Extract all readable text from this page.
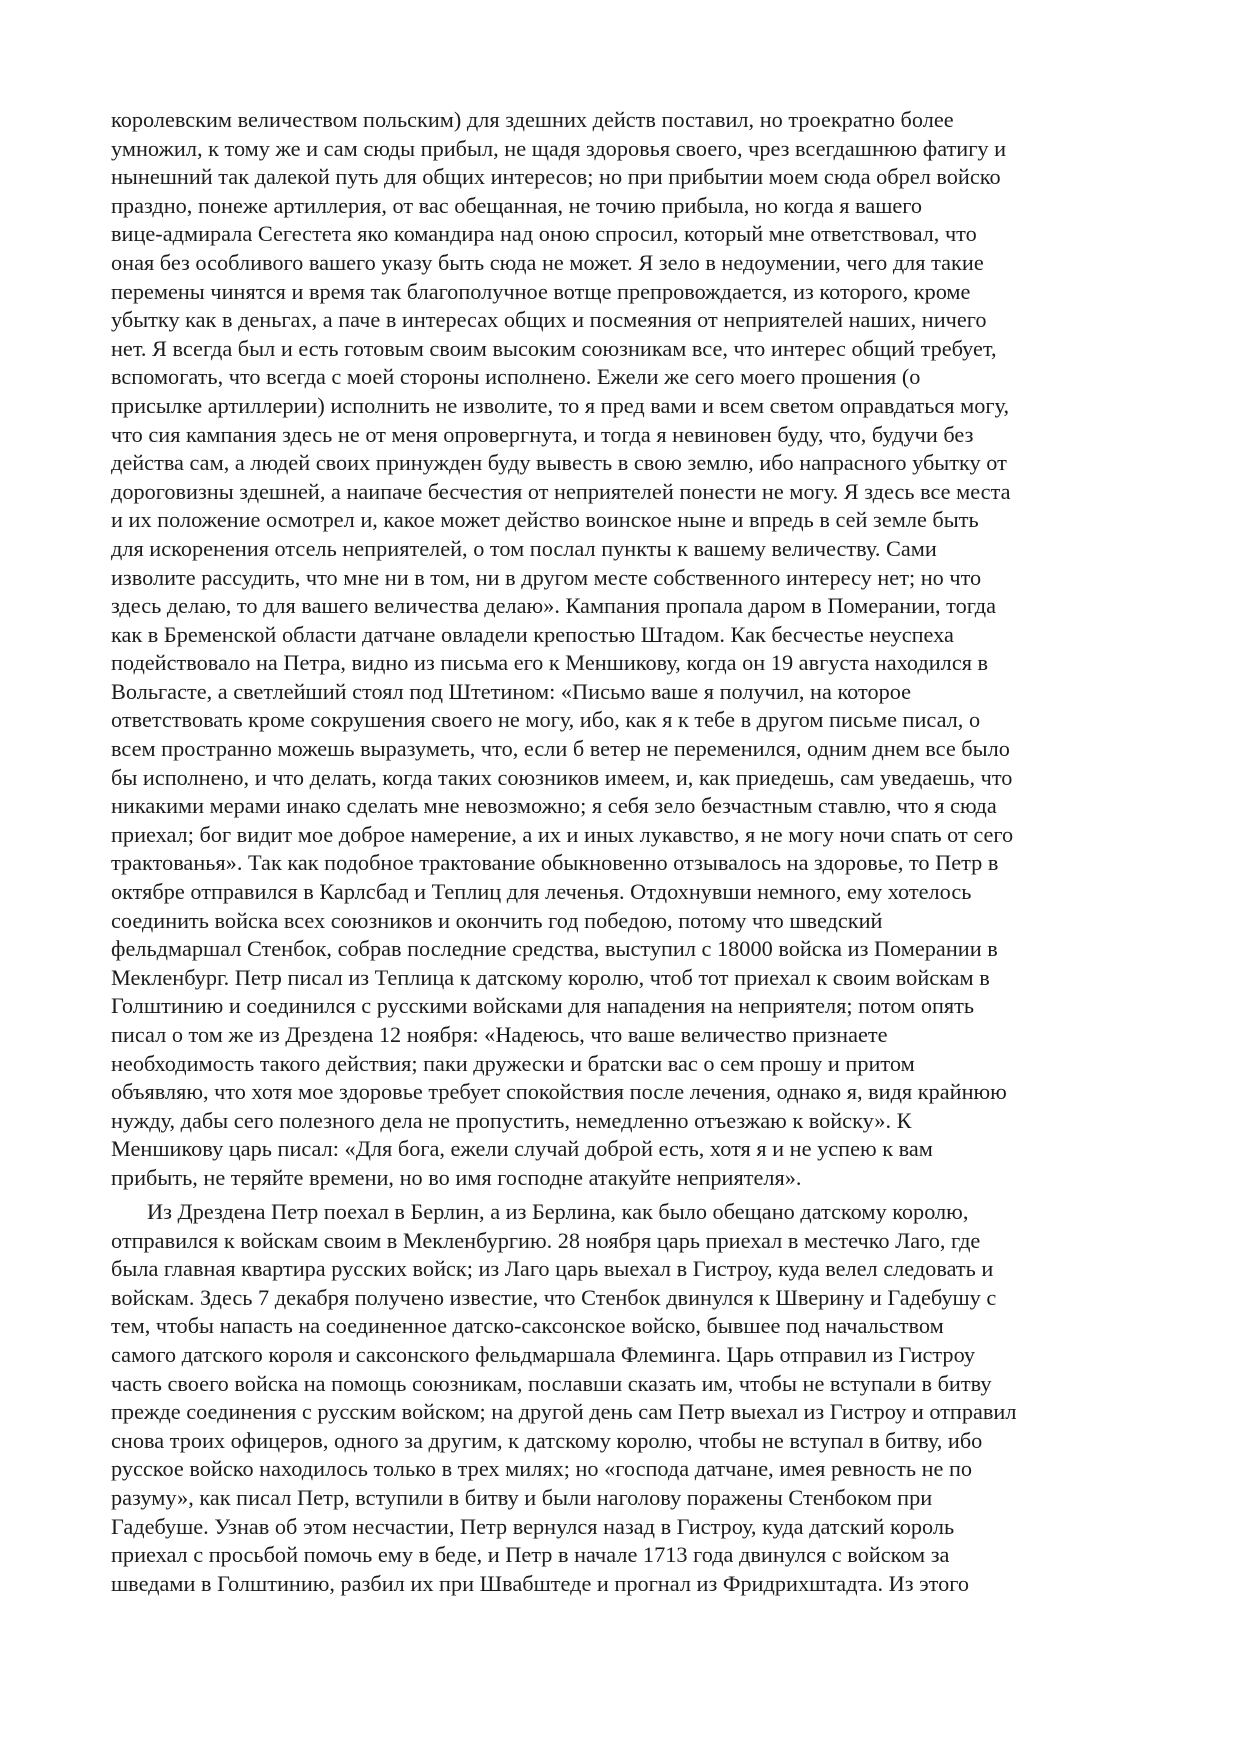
королевским величеством польским) для здешних действ поставил, но троекратно более
умножил, к тому же и сам сюды прибыл, не щадя здоровья своего, чрез всегдашнюю фатигу и
нынешний так далекой путь для общих интересов; но при прибытии моем сюда обрел войско
праздно, понеже артиллерия, от вас обещанная, не точию прибыла, но когда я вашего
вице-адмирала Сегестета яко командира над оною спросил, который мне ответствовал, что
оная без особливого вашего указу быть сюда не может. Я зело в недоумении, чего для такие
перемены чинятся и время так благополучное вотще препровождается, из которого, кроме
убытку как в деньгах, а паче в интересах общих и посмеяния от неприятелей наших, ничего
нет. Я всегда был и есть готовым своим высоким союзникам все, что интерес общий требует,
вспомогать, что всегда с моей стороны исполнено. Ежели же сего моего прошения (о
присылке артиллерии) исполнить не изволите, то я пред вами и всем светом оправдаться могу,
что сия кампания здесь не от меня опровергнута, и тогда я невиновен буду, что, будучи без
действа сам, а людей своих принужден буду вывесть в свою землю, ибо напрасного убытку от
дороговизны здешней, а наипаче бесчестия от неприятелей понести не могу. Я здесь все места
и их положение осмотрел и, какое может действо воинское ныне и впредь в сей земле быть
для искоренения отсель неприятелей, о том послал пункты к вашему величеству. Сами
изволите рассудить, что мне ни в том, ни в другом месте собственного интересу нет; но что
здесь делаю, то для вашего величества делаю». Кампания пропала даром в Померании, тогда
как в Бременской области датчане овладели крепостью Штадом. Как бесчестье неуспеха
подействовало на Петра, видно из письма его к Меншикову, когда он 19 августа находился в
Вольгасте, а светлейший стоял под Штетином: «Письмо ваше я получил, на которое
ответствовать кроме сокрушения своего не могу, ибо, как я к тебе в другом письме писал, о
всем пространно можешь выразуметь, что, если б ветер не переменился, одним днем все было
бы исполнено, и что делать, когда таких союзников имеем, и, как приедешь, сам уведаешь, что
никакими мерами инако сделать мне невозможно; я себя зело безчастным ставлю, что я сюда
приехал; бог видит мое доброе намерение, а их и иных лукавство, я не могу ночи спать от сего
трактованья». Так как подобное трактование обыкновенно отзывалось на здоровье, то Петр в
октябре отправился в Карлсбад и Теплиц для леченья. Отдохнувши немного, ему хотелось
соединить войска всех союзников и окончить год победою, потому что шведский
фельдмаршал Стенбок, собрав последние средства, выступил с 18000 войска из Померании в
Мекленбург. Петр писал из Теплица к датскому королю, чтоб тот приехал к своим войскам в
Голштинию и соединился с русскими войсками для нападения на неприятеля; потом опять
писал о том же из Дрездена 12 ноября: «Надеюсь, что ваше величество признаете
необходимость такого действия; паки дружески и братски вас о сем прошу и притом
объявляю, что хотя мое здоровье требует спокойствия после лечения, однако я, видя крайнюю
нужду, дабы сего полезного дела не пропустить, немедленно отъезжаю к войску». К
Меншикову царь писал: «Для бога, ежели случай доброй есть, хотя я и не успею к вам
прибыть, не теряйте времени, но во имя господне атакуйте неприятеля».
Из Дрездена Петр поехал в Берлин, а из Берлина, как было обещано датскому королю,
отправился к войскам своим в Мекленбургию. 28 ноября царь приехал в местечко Лаго, где
была главная квартира русских войск; из Лаго царь выехал в Гистроу, куда велел следовать и
войскам. Здесь 7 декабря получено известие, что Стенбок двинулся к Шверину и Гадебушу с
тем, чтобы напасть на соединенное датско-саксонское войско, бывшее под начальством
самого датского короля и саксонского фельдмаршала Флеминга. Царь отправил из Гистроу
часть своего войска на помощь союзникам, пославши сказать им, чтобы не вступали в битву
прежде соединения с русским войском; на другой день сам Петр выехал из Гистроу и отправил
снова троих офицеров, одного за другим, к датскому королю, чтобы не вступал в битву, ибо
русское войско находилось только в трех милях; но «господа датчане, имея ревность не по
разуму», как писал Петр, вступили в битву и были наголову поражены Стенбоком при
Гадебуше. Узнав об этом несчастии, Петр вернулся назад в Гистроу, куда датский король
приехал с просьбой помочь ему в беде, и Петр в начале 1713 года двинулся с войском за
шведами в Голштинию, разбил их при Швабштеде и прогнал из Фридрихштадта. Из этого
